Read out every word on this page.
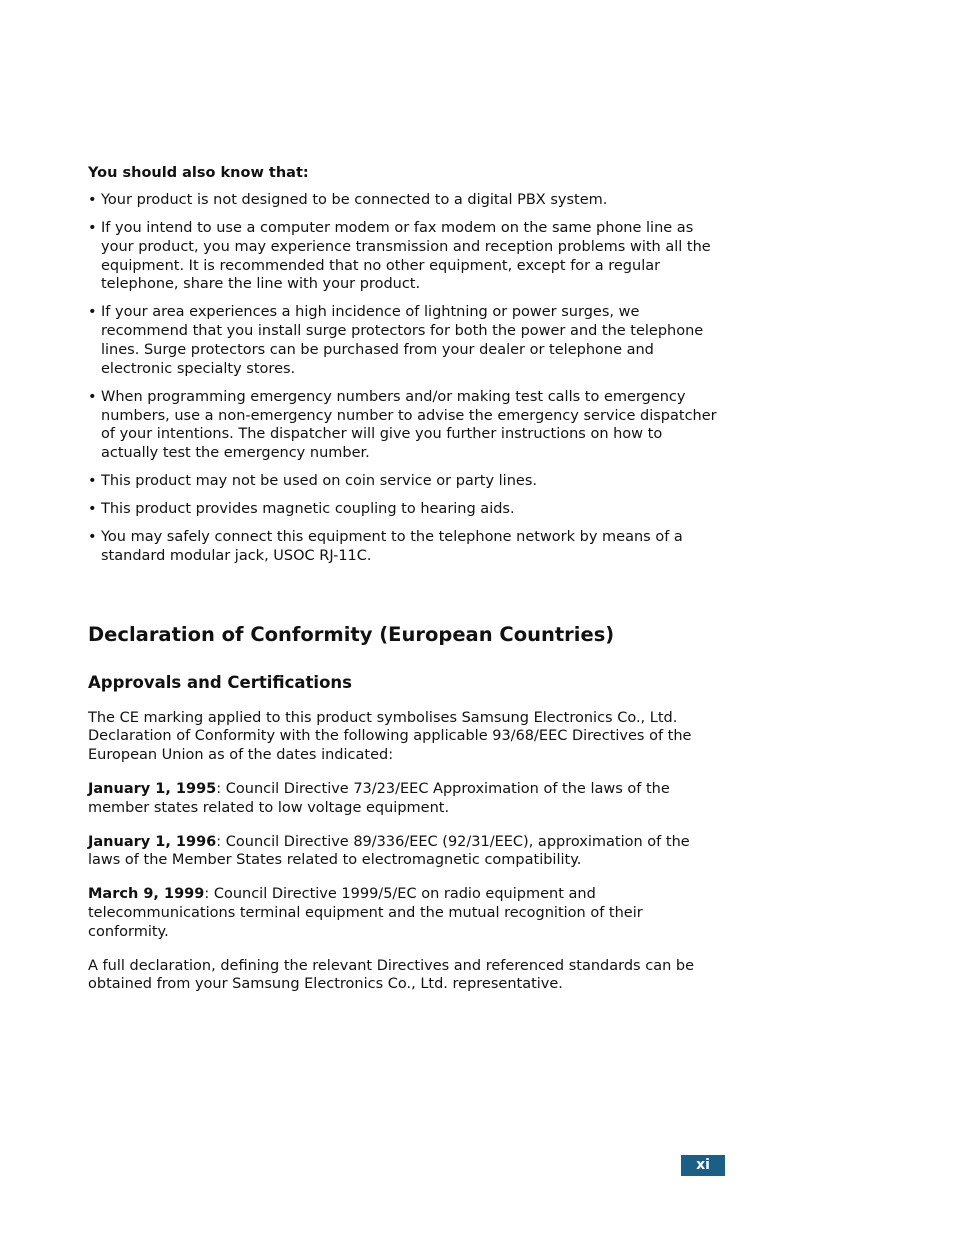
You should also know that:
• Your product is not designed to be connected to a digital PBX system.
• If you intend to use a computer modem or fax modem on the same phone line as your product, you may experience transmission and reception problems with all the equipment. It is recommended that no other equipment, except for a regular telephone, share the line with your product.
• If your area experiences a high incidence of lightning or power surges, we recommend that you install surge protectors for both the power and the telephone lines. Surge protectors can be purchased from your dealer or telephone and electronic specialty stores.
• When programming emergency numbers and/or making test calls to emergency numbers, use a non-emergency number to advise the emergency service dispatcher of your intentions. The dispatcher will give you further instructions on how to actually test the emergency number.
• This product may not be used on coin service or party lines.
• This product provides magnetic coupling to hearing aids.
• You may safely connect this equipment to the telephone network by means of a standard modular jack, USOC RJ-11C.
Declaration of Conformity (European Countries)
Approvals and Certifications

The CE marking applied to this product symbolises Samsung Electronics Co., Ltd. Declaration of Conformity with the following applicable 93/68/EEC Directives of the European Union as of the dates indicated:

January 1, 1995: Council Directive 73/23/EEC Approximation of the laws of the member states related to low voltage equipment.

January 1, 1996: Council Directive 89/336/EEC (92/31/EEC), approximation of the laws of the Member States related to electromagnetic compatibility.

March 9, 1999: Council Directive 1999/5/EC on radio equipment and telecommunications terminal equipment and the mutual recognition of their conformity.

A full declaration, defining the relevant Directives and referenced standards can be obtained from your Samsung Electronics Co., Ltd. representative.

xi
